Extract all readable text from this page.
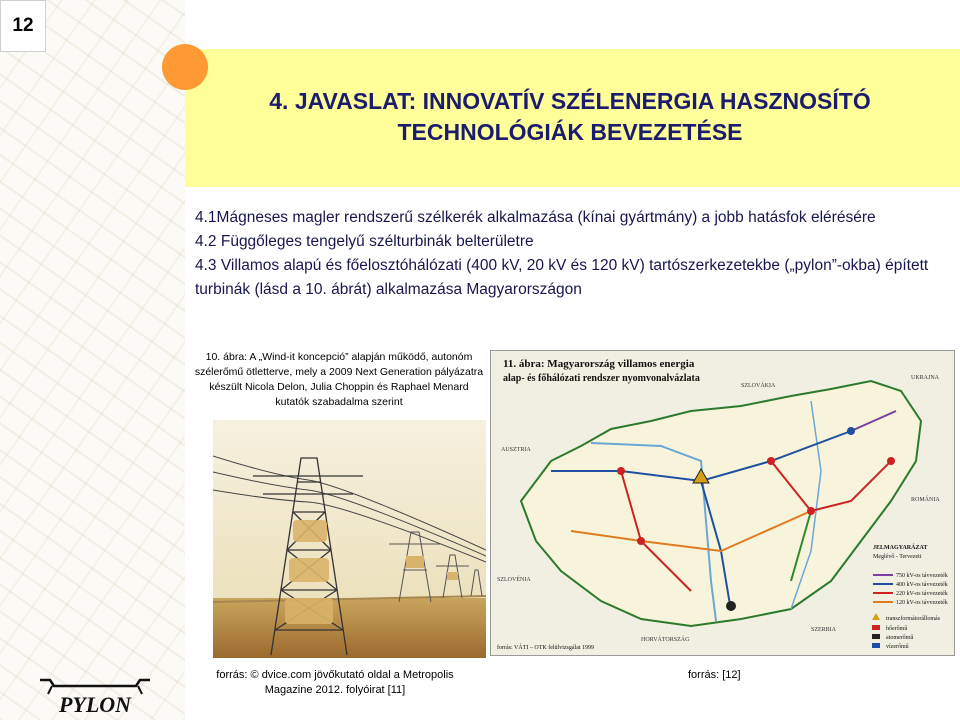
12
4. JAVASLAT: INNOVATÍV SZÉLENERGIA HASZNOSÍTÓ
TECHNOLÓGIÁK BEVEZETÉSE

4.1Mágneses magler rendszerű szélkerék alkalmazása (kínai gyártmány) a jobb hatásfok elérésére

4.2 Függőleges tengelyű szélturbinák belterületre

4.3 Villamos alapú és főelosztóhálózati (400 kV, 20 kV és 120 kV) tartószerkezetekbe („pylon”-okba) épített turbinák (lásd a 10. ábrát) alkalmazása Magyarországon

10. ábra: A „Wind-it koncepció” alapján működő, autonóm szélerőmű ötletterve, mely a 2009 Next Generation pályázatra készült Nicola Delon, Julia Choppin és Raphael Menard kutatók szabadalma szerint
11. ábra: Magyarország villamos energia
alap- és főhálózati rendszer nyomvonalvázlata
SZLOVÁKIA
UKRAJNA
ROMÁNIA
SZERBIA
HORVÁTORSZÁG
SZLOVÉNIA
AUSZTRIA
JELMAGYARÁZAT
Meglévő - Tervezett
750 kV-os távvezeték
400 kV-os távvezeték
220 kV-os távvezeték
120 kV-os távvezeték
transzformátorállomás
hőerőmű
atomerőmű
vízerőmű
forrás: VÁTI – OTK felülvizsgálat 1999
forrás: © dvice.com jövőkutató oldal a Metropolis Magazine 2012. folyóirat [11]
forrás: [12]
PYLON
